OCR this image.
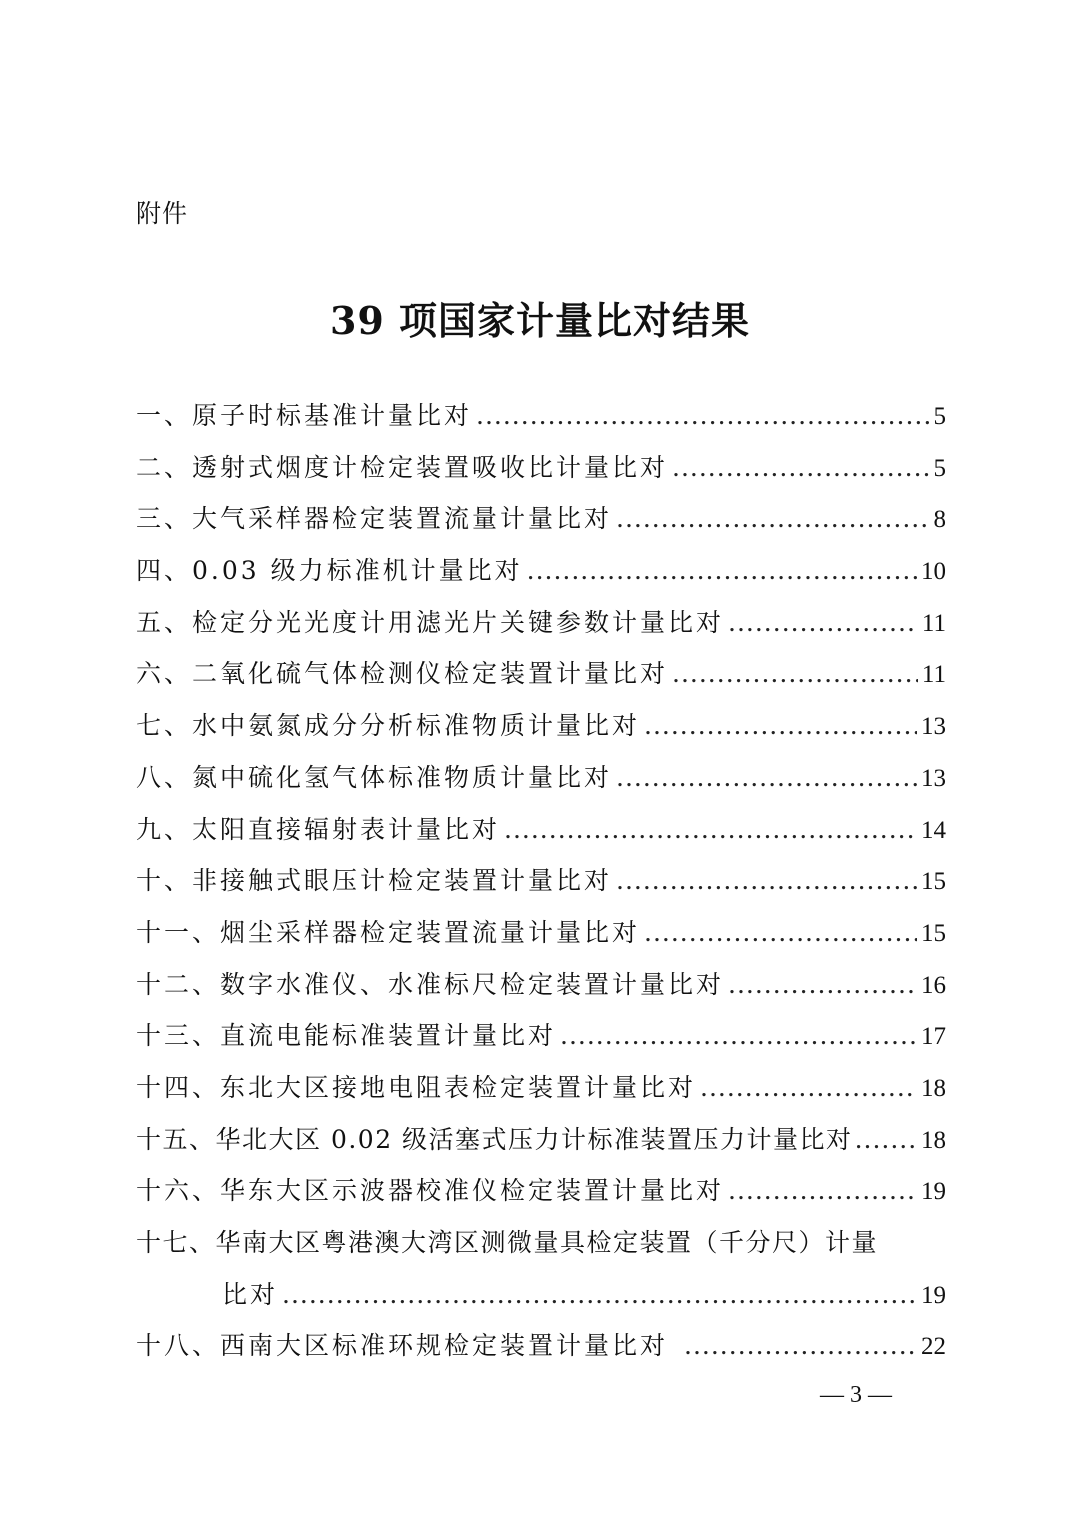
附件
39 项国家计量比对结果
一、原子时标基准计量比对 .....	5
二、透射式烟度计检定装置吸收比计量比对 .....	5
三、大气采样器检定装置流量计量比对 .....	8
四、0.03 级力标准机计量比对 .....	10
五、检定分光光度计用滤光片关键参数计量比对 .....	11
六、二氧化硫气体检测仪检定装置计量比对 .....	11
七、水中氨氮成分分析标准物质计量比对 .....	13
八、氮中硫化氢气体标准物质计量比对 .....	13
九、太阳直接辐射表计量比对 .....	14
十、非接触式眼压计检定装置计量比对 .....	15
十一、烟尘采样器检定装置流量计量比对 .....	15
十二、数字水准仪、水准标尺检定装置计量比对 .....	16
十三、直流电能标准装置计量比对 .....	17
十四、东北大区接地电阻表检定装置计量比对 .....	18
十五、华北大区 0.02 级活塞式压力计标准装置压力计量比对 .....	18
十六、华东大区示波器校准仪检定装置计量比对 .....	19
十七、华南大区粤港澳大湾区测微量具检定装置（千分尺）计量
比对 .....	19
十八、西南大区标准环规检定装置计量比对 .....	22
— 3 —
